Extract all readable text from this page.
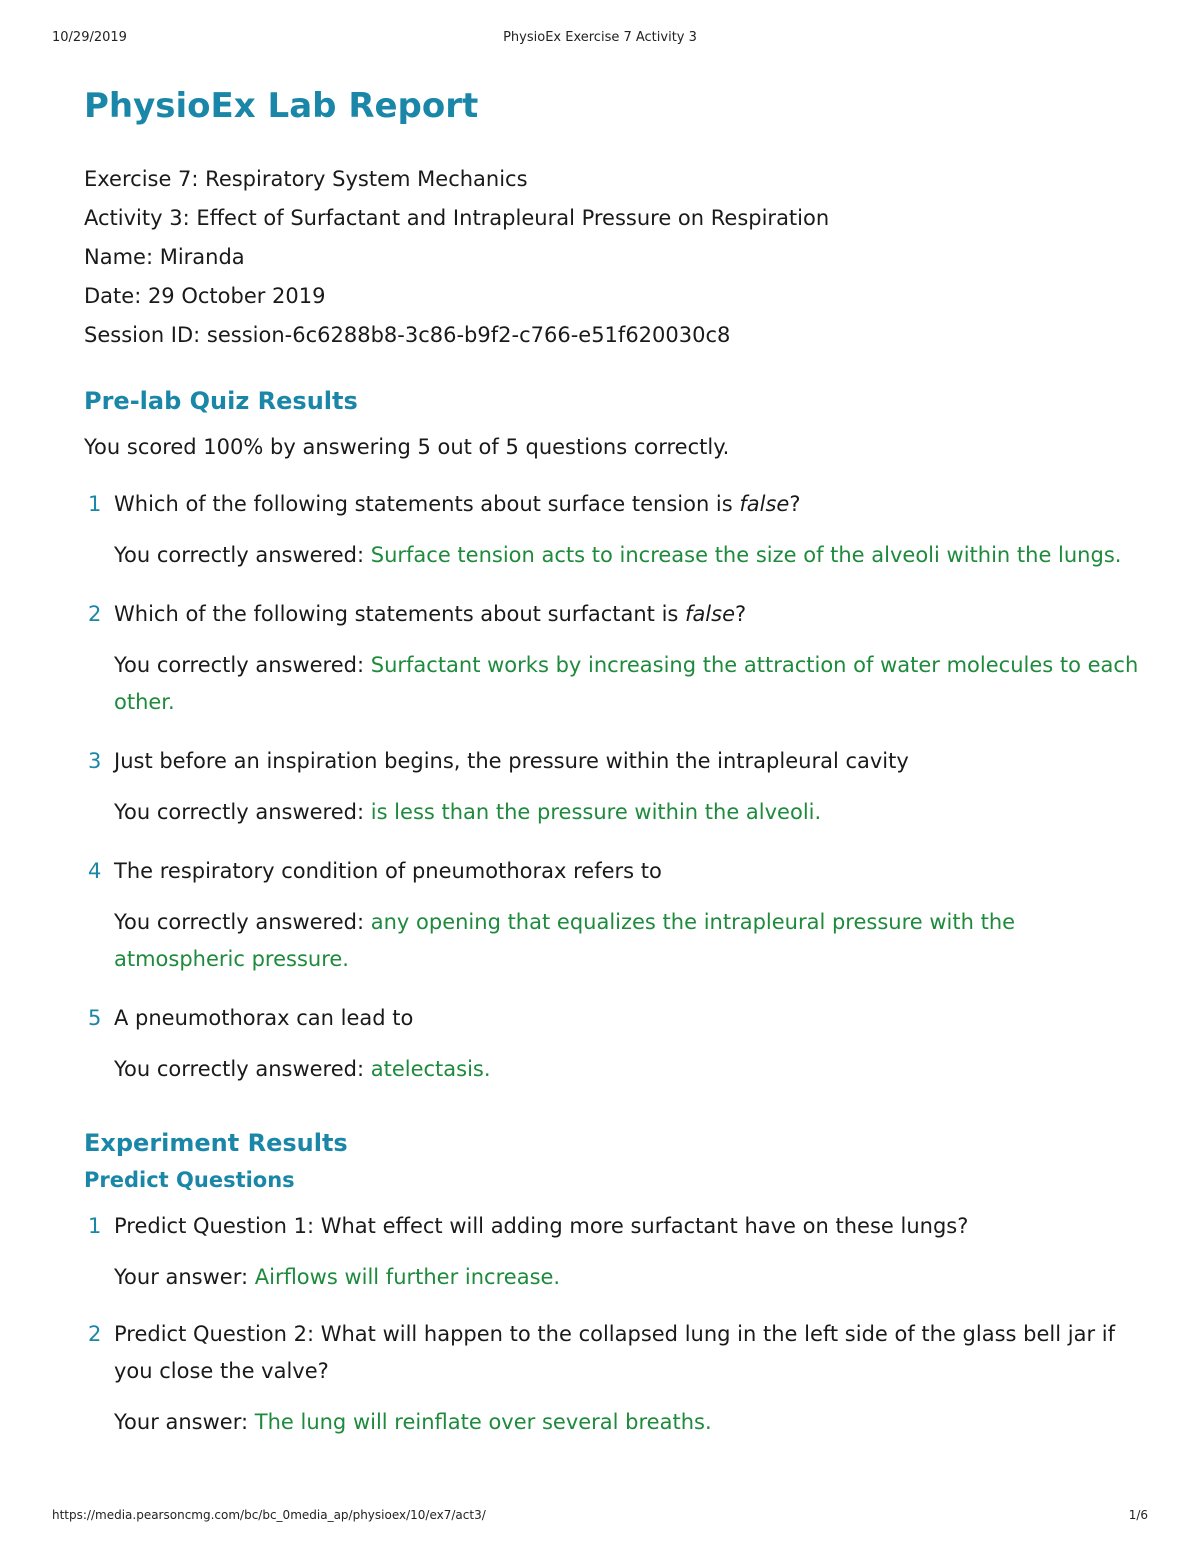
10/29/2019	PhysioEx Exercise 7 Activity 3
PhysioEx Lab Report

Exercise 7: Respiratory System Mechanics

Activity 3: Effect of Surfactant and Intrapleural Pressure on Respiration

Name: Miranda

Date: 29 October 2019

Session ID: session-6c6288b8-3c86-b9f2-c766-e51f620030c8

Pre-lab Quiz Results

You scored 100% by answering 5 out of 5 questions correctly.

1 Which of the following statements about surface tension is false?

You correctly answered: Surface tension acts to increase the size of the alveoli within the lungs.

2 Which of the following statements about surfactant is false?

You correctly answered: Surfactant works by increasing the attraction of water molecules to each other.

3 Just before an inspiration begins, the pressure within the intrapleural cavity

You correctly answered: is less than the pressure within the alveoli.

4 The respiratory condition of pneumothorax refers to

You correctly answered: any opening that equalizes the intrapleural pressure with the atmospheric pressure.

5 A pneumothorax can lead to

You correctly answered: atelectasis.

Experiment Results
Predict Questions
1 Predict Question 1: What effect will adding more surfactant have on these lungs?

Your answer: Airflows will further increase.

2 Predict Question 2: What will happen to the collapsed lung in the left side of the glass bell jar if you close the valve?

Your answer: The lung will reinflate over several breaths.

https://media.pearsoncmg.com/bc/bc_0media_ap/physioex/10/ex7/act3/	1/6
